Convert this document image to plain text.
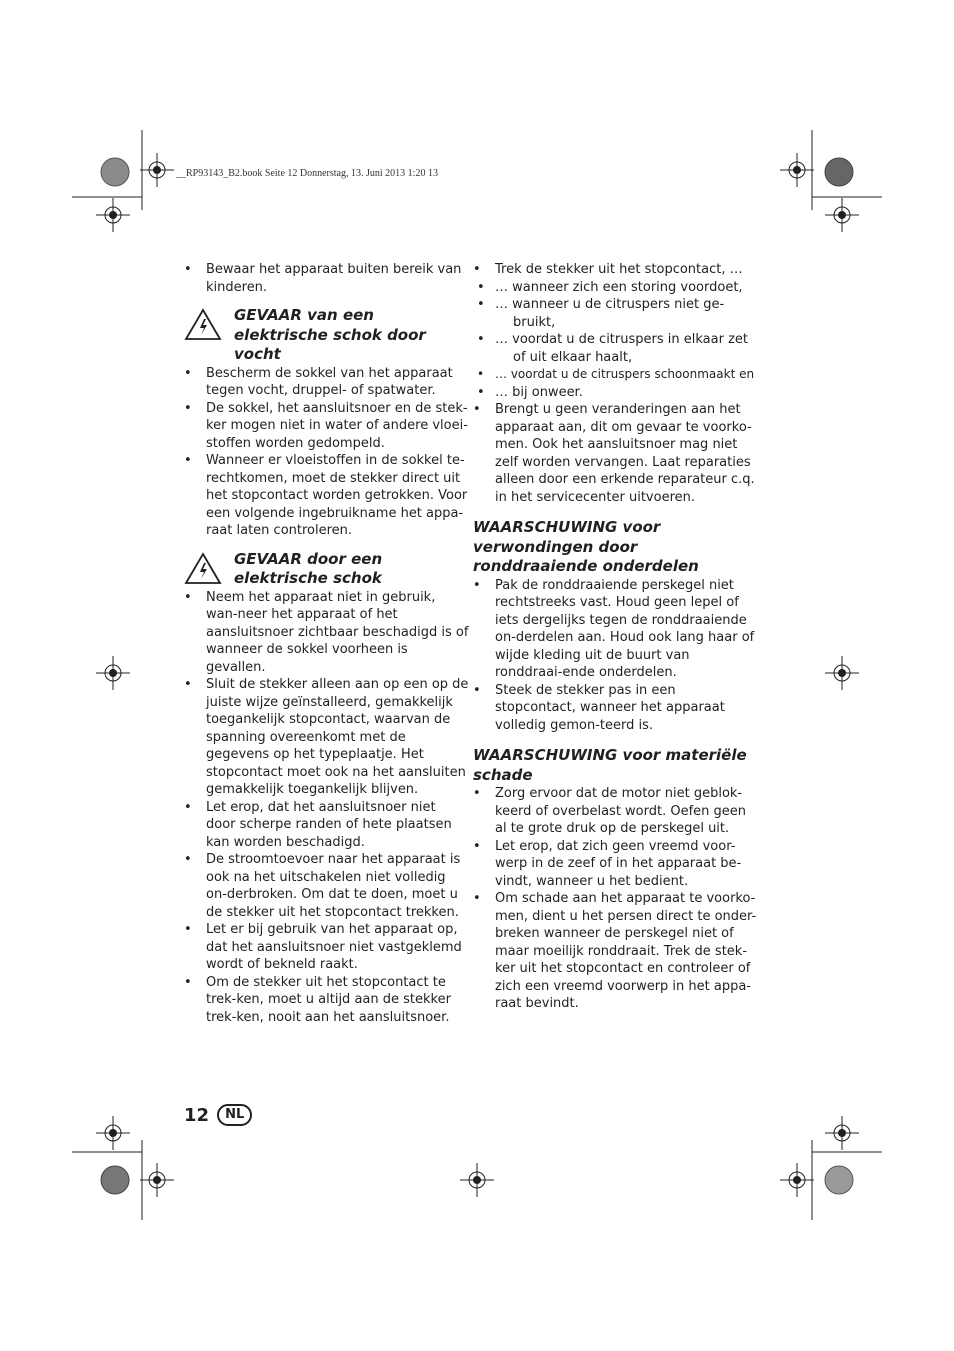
__RP93143_B2.book Seite 12 Donnerstag, 13. Juni 2013 1:20 13
• Bewaar het apparaat buiten bereik van kinderen.
GEVAAR van een elektrische schok door vocht
• Bescherm de sokkel van het apparaat tegen vocht, druppel- of spatwater.
• De sokkel, het aansluitsnoer en de stek-ker mogen niet in water of andere vloei-stoffen worden gedompeld.
• Wanneer er vloeistoffen in de sokkel te-rechtkomen, moet de stekker direct uit het stopcontact worden getrokken. Voor een volgende ingebruikname het appa-raat laten controleren.
GEVAAR door een elektrische schok
• Neem het apparaat niet in gebruik, wan-neer het apparaat of het aansluitsnoer zichtbaar beschadigd is of wanneer de sokkel voorheen is gevallen.
• Sluit de stekker alleen aan op een op de juiste wijze geïnstalleerd, gemakkelijk toegankelijk stopcontact, waarvan de spanning overeenkomt met de gegevens op het typeplaatje. Het stopcontact moet ook na het aansluiten gemakkelijk toegankelijk blijven.
• Let erop, dat het aansluitsnoer niet door scherpe randen of hete plaatsen kan worden beschadigd.
• De stroomtoevoer naar het apparaat is ook na het uitschakelen niet volledig on-derbroken. Om dat te doen, moet u de stekker uit het stopcontact trekken.
• Let er bij gebruik van het apparaat op, dat het aansluitsnoer niet vastgeklemd wordt of bekneld raakt.
• Om de stekker uit het stopcontact te trek-ken, moet u altijd aan de stekker trek-ken, nooit aan het aansluitsnoer.
• Trek de stekker uit het stopcontact, …
• … wanneer zich een storing voordoet,
• … wanneer u de citruspers niet ge-bruikt,
• … voordat u de citruspers in elkaar zet of uit elkaar haalt,
• … voordat u de citruspers schoonmaakt en
• … bij onweer.
• Brengt u geen veranderingen aan het apparaat aan, dit om gevaar te voorko-men. Ook het aansluitsnoer mag niet zelf worden vervangen. Laat reparaties alleen door een erkende reparateur c.q. in het servicecenter uitvoeren.
WAARSCHUWING voor verwondingen door ronddraaiende onderdelen
• Pak de ronddraaiende perskegel niet rechtstreeks vast. Houd geen lepel of iets dergelijks tegen de ronddraaiende on-derdelen aan. Houd ook lang haar of wijde kleding uit de buurt van ronddraai-ende onderdelen.
• Steek de stekker pas in een stopcontact, wanneer het apparaat volledig gemon-teerd is.
WAARSCHUWING voor materiële schade
• Zorg ervoor dat de motor niet geblok-keerd of overbelast wordt. Oefen geen al te grote druk op de perskegel uit.
• Let erop, dat zich geen vreemd voor-werp in de zeef of in het apparaat be-vindt, wanneer u het bedient.
• Om schade aan het apparaat te voorko-men, dient u het persen direct te onder-breken wanneer de perskegel niet of maar moeilijk ronddraait. Trek de stek-ker uit het stopcontact en controleer of zich een vreemd voorwerp in het appa-raat bevindt.
12	NL
